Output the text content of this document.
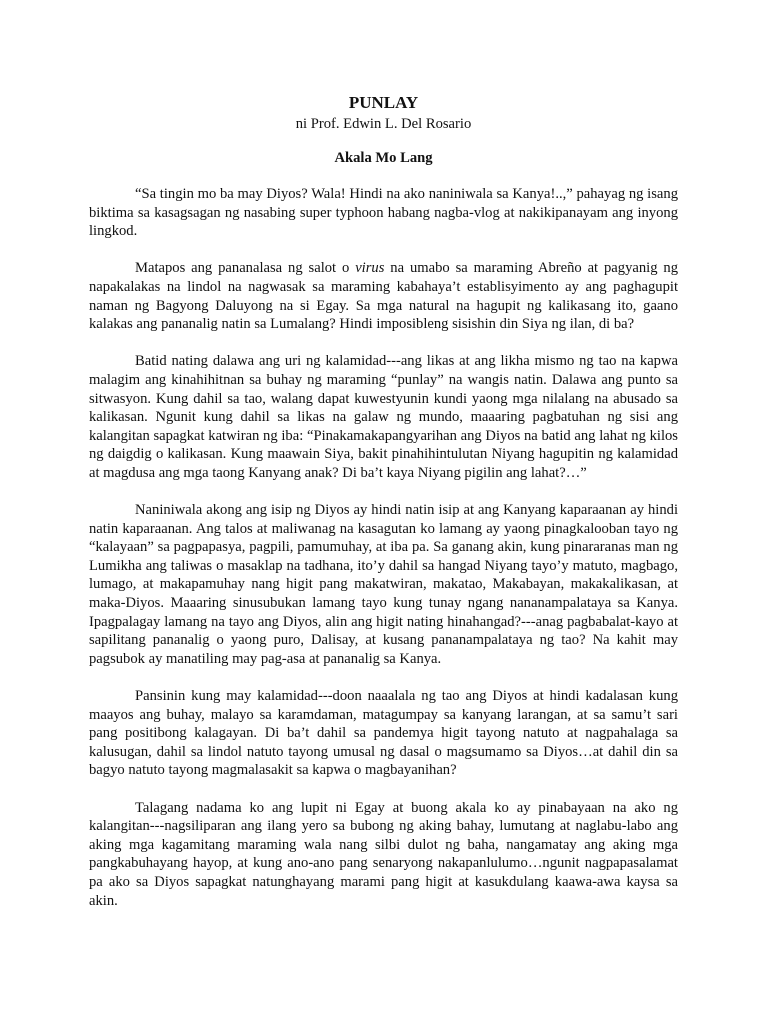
PUNLAY

ni Prof. Edwin L. Del Rosario

Akala Mo Lang

“Sa tingin mo ba may Diyos? Wala! Hindi na ako naniniwala sa Kanya!..,” pahayag ng isang biktima sa kasagsagan ng nasabing super typhoon habang nagba-vlog at nakikipanayam ang inyong lingkod.

Matapos ang pananalasa ng salot o virus na umabo sa maraming Abreño at pagyanig ng napakalakas na lindol na nagwasak sa maraming kabahaya’t establisyimento ay ang paghagupit naman ng Bagyong Daluyong na si Egay. Sa mga natural na hagupit ng kalikasang ito, gaano kalakas ang pananalig natin sa Lumalang? Hindi imposibleng sisishin din Siya ng ilan, di ba?

Batid nating dalawa ang uri ng kalamidad---ang likas at ang likha mismo ng tao na kapwa malagim ang kinahihitnan sa buhay ng maraming “punlay” na wangis natin. Dalawa ang punto sa sitwasyon. Kung dahil sa tao, walang dapat kuwestyunin kundi yaong mga nilalang na abusado sa kalikasan. Ngunit kung dahil sa likas na galaw ng mundo, maaaring pagbatuhan ng sisi ang kalangitan sapagkat katwiran ng iba: “Pinakamakapangyarihan ang Diyos na batid ang lahat ng kilos ng daigdig o kalikasan. Kung maawain Siya, bakit pinahihintulutan Niyang hagupitin ng kalamidad at magdusa ang mga taong Kanyang anak? Di ba’t kaya Niyang pigilin ang lahat?…”

Naniniwala akong ang isip ng Diyos ay hindi natin isip at ang Kanyang kaparaanan ay hindi natin kaparaanan. Ang talos at maliwanag na kasagutan ko lamang ay yaong pinagkalooban tayo ng “kalayaan” sa pagpapasya, pagpili, pamumuhay, at iba pa. Sa ganang akin, kung pinararanas man ng Lumikha ang taliwas o masaklap na tadhana, ito’y dahil sa hangad Niyang tayo’y matuto, magbago, lumago, at makapamuhay nang higit pang makatwiran, makatao, Makabayan, makakalikasan, at maka-Diyos. Maaaring sinusubukan lamang tayo kung tunay ngang nananampalataya sa Kanya. Ipagpalagay lamang na tayo ang Diyos, alin ang higit nating hinahangad?---anag pagbabalat-kayo at sapilitang pananalig o yaong puro, Dalisay, at kusang pananampalataya ng tao? Na kahit may pagsubok ay manatiling may pag-asa at pananalig sa Kanya.

Pansinin kung may kalamidad---doon naaalala ng tao ang Diyos at hindi kadalasan kung maayos ang buhay, malayo sa karamdaman, matagumpay sa kanyang larangan, at sa samu’t sari pang positibong kalagayan. Di ba’t dahil sa pandemya higit tayong natuto at nagpahalaga sa kalusugan, dahil sa lindol natuto tayong umusal ng dasal o magsumamo sa Diyos…at dahil din sa bagyo natuto tayong magmalasakit sa kapwa o magbayanihan?

Talagang nadama ko ang lupit ni Egay at buong akala ko ay pinabayaan na ako ng kalangitan---nagsiliparan ang ilang yero sa bubong ng aking bahay, lumutang at naglabu-labo ang aking mga kagamitang maraming wala nang silbi dulot ng baha, nangamatay ang aking mga pangkabuhayang hayop, at kung ano-ano pang senaryong nakapanlulumo…ngunit nagpapasalamat pa ako sa Diyos sapagkat natunghayang marami pang higit at kasukdulang kaawa-awa kaysa sa akin.
